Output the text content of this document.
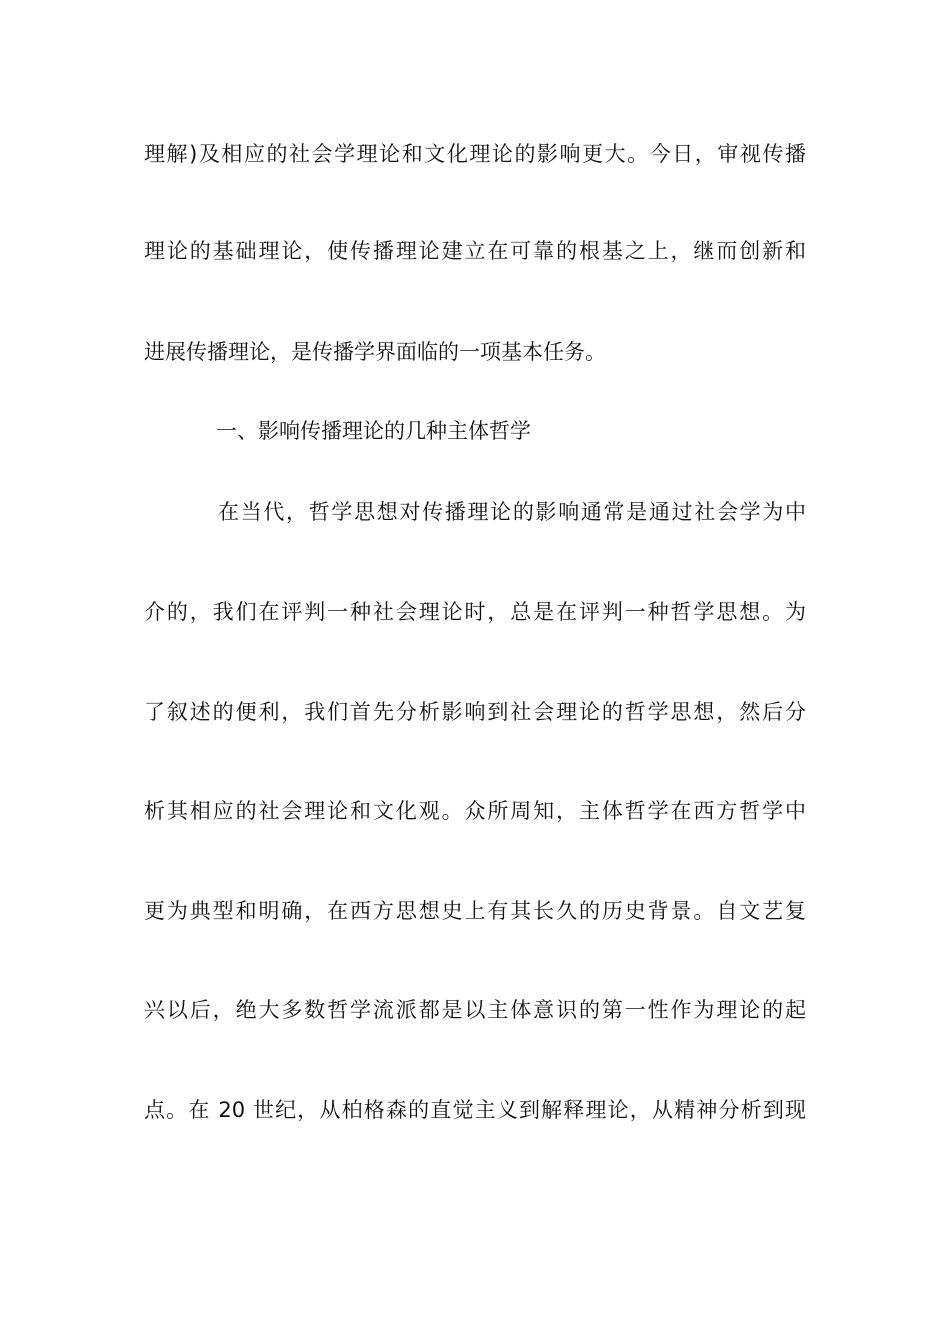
理解)及相应的社会学理论和文化理论的影响更大。今日，审视传播
理论的基础理论，使传播理论建立在可靠的根基之上，继而创新和
进展传播理论，是传播学界面临的一项基本任务。
一、影响传播理论的几种主体哲学
在当代，哲学思想对传播理论的影响通常是通过社会学为中
介的，我们在评判一种社会理论时，总是在评判一种哲学思想。为
了叙述的便利，我们首先分析影响到社会理论的哲学思想，然后分
析其相应的社会理论和文化观。众所周知，主体哲学在西方哲学中
更为典型和明确，在西方思想史上有其长久的历史背景。自文艺复
兴以后，绝大多数哲学流派都是以主体意识的第一性作为理论的起
点。在 20 世纪，从柏格森的直觉主义到解释理论，从精神分析到现
